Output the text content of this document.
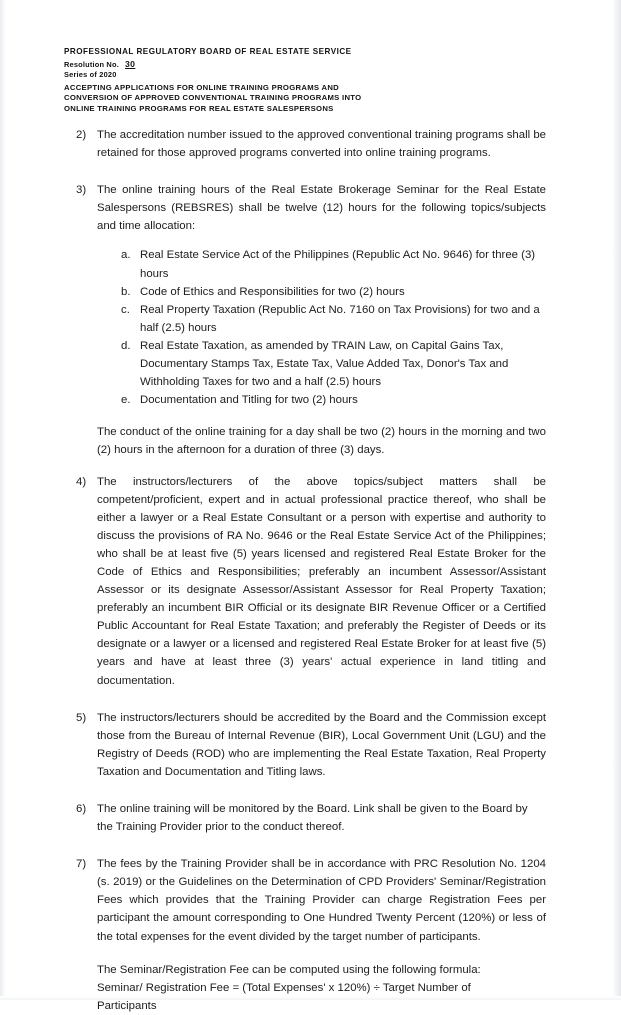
PROFESSIONAL REGULATORY BOARD OF REAL ESTATE SERVICE
Resolution No. 30
Series of 2020
ACCEPTING APPLICATIONS FOR ONLINE TRAINING PROGRAMS AND
CONVERSION OF APPROVED CONVENTIONAL TRAINING PROGRAMS INTO
ONLINE TRAINING PROGRAMS FOR REAL ESTATE SALESPERSONS
2) The accreditation number issued to the approved conventional training programs shall be retained for those approved programs converted into online training programs.
3) The online training hours of the Real Estate Brokerage Seminar for the Real Estate Salespersons (REBSRES) shall be twelve (12) hours for the following topics/subjects and time allocation:
a. Real Estate Service Act of the Philippines (Republic Act No. 9646) for three (3) hours
b. Code of Ethics and Responsibilities for two (2) hours
c. Real Property Taxation (Republic Act No. 7160 on Tax Provisions) for two and a half (2.5) hours
d. Real Estate Taxation, as amended by TRAIN Law, on Capital Gains Tax, Documentary Stamps Tax, Estate Tax, Value Added Tax, Donor's Tax and Withholding Taxes for two and a half (2.5) hours
e. Documentation and Titling for two (2) hours
The conduct of the online training for a day shall be two (2) hours in the morning and two (2) hours in the afternoon for a duration of three (3) days.
4) The instructors/lecturers of the above topics/subject matters shall be competent/proficient, expert and in actual professional practice thereof, who shall be either a lawyer or a Real Estate Consultant or a person with expertise and authority to discuss the provisions of RA No. 9646 or the Real Estate Service Act of the Philippines; who shall be at least five (5) years licensed and registered Real Estate Broker for the Code of Ethics and Responsibilities; preferably an incumbent Assessor/Assistant Assessor or its designate Assessor/Assistant Assessor for Real Property Taxation; preferably an incumbent BIR Official or its designate BIR Revenue Officer or a Certified Public Accountant for Real Estate Taxation; and preferably the Register of Deeds or its designate or a lawyer or a licensed and registered Real Estate Broker for at least five (5) years and have at least three (3) years' actual experience in land titling and documentation.
5) The instructors/lecturers should be accredited by the Board and the Commission except those from the Bureau of Internal Revenue (BIR), Local Government Unit (LGU) and the Registry of Deeds (ROD) who are implementing the Real Estate Taxation, Real Property Taxation and Documentation and Titling laws.
6) The online training will be monitored by the Board. Link shall be given to the Board by the Training Provider prior to the conduct thereof.
7) The fees by the Training Provider shall be in accordance with PRC Resolution No. 1204 (s. 2019) or the Guidelines on the Determination of CPD Providers' Seminar/Registration Fees which provides that the Training Provider can charge Registration Fees per participant the amount corresponding to One Hundred Twenty Percent (120%) or less of the total expenses for the event divided by the target number of participants.
The Seminar/Registration Fee can be computed using the following formula:
Seminar/ Registration Fee = (Total Expenses' x 120%) ÷ Target Number of
Participants
